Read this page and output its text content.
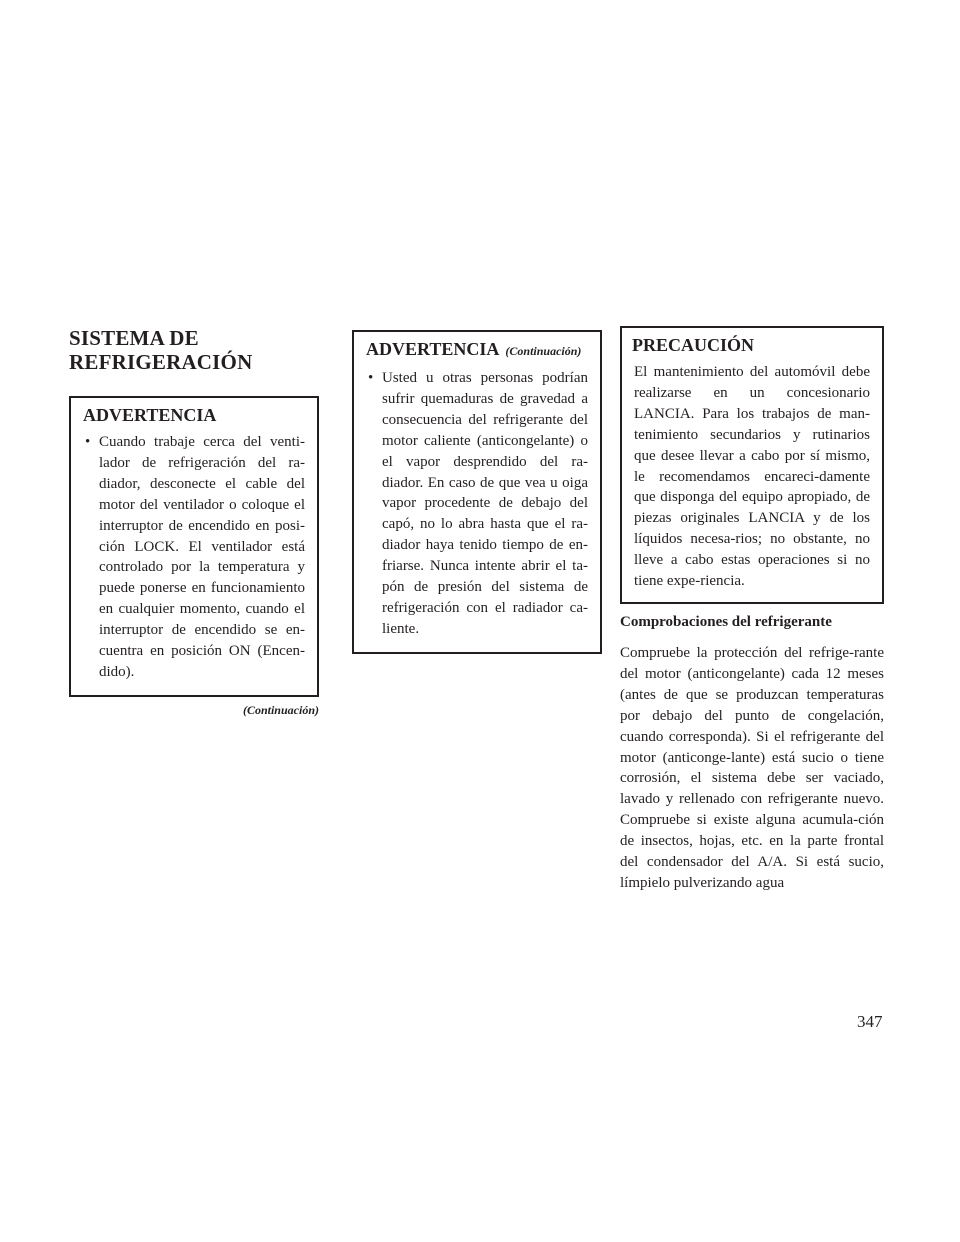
SISTEMA DE
REFRIGERACIÓN
ADVERTENCIA
• Cuando trabaje cerca del venti-lador de refrigeración del ra-diador, desconecte el cable del motor del ventilador o coloque el interruptor de encendido en posi-ción LOCK. El ventilador está controlado por la temperatura y puede ponerse en funcionamiento en cualquier momento, cuando el interruptor de encendido se en-cuentra en posición ON (Encen-dido).
(Continuación)
ADVERTENCIA (Continuación)
• Usted u otras personas podrían sufrir quemaduras de gravedad a consecuencia del refrigerante del motor caliente (anticongelante) o el vapor desprendido del ra-diador. En caso de que vea u oiga vapor procedente de debajo del capó, no lo abra hasta que el ra-diador haya tenido tiempo de en-friarse. Nunca intente abrir el ta-pón de presión del sistema de refrigeración con el radiador ca-liente.
PRECAUCIÓN
El mantenimiento del automóvil debe realizarse en un concesionario LANCIA. Para los trabajos de man-tenimiento secundarios y rutinarios que desee llevar a cabo por sí mismo, le recomendamos encareci-damente que disponga del equipo apropiado, de piezas originales LANCIA y de los líquidos necesa-rios; no obstante, no lleve a cabo estas operaciones si no tiene expe-riencia.
Comprobaciones del refrigerante

Compruebe la protección del refrige-rante del motor (anticongelante) cada 12 meses (antes de que se produzcan temperaturas por debajo del punto de congelación, cuando corresponda). Si el refrigerante del motor (anticonge-lante) está sucio o tiene corrosión, el sistema debe ser vaciado, lavado y rellenado con refrigerante nuevo. Compruebe si existe alguna acumula-ción de insectos, hojas, etc. en la parte frontal del condensador del A/A. Si está sucio, límpielo pulverizando agua

347
